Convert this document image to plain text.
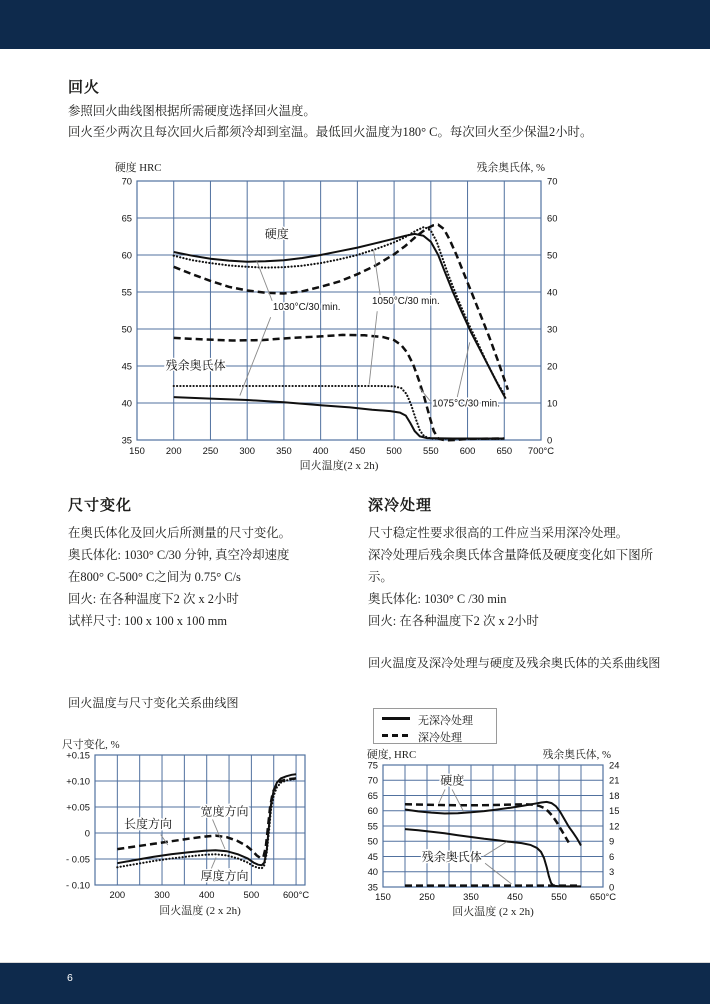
回火
参照回火曲线图根据所需硬度选择回火温度。
回火至少两次且每次回火后都须冷却到室温。最低回火温度为180° C。每次回火至少保温2小时。
150 200 250 300 350 400 450 500 550 600 650 700°C
70
65
60
55
50
45
40
35
70
60
50
40
30
20
10
0
硬度 HRC	残余奥氏体, %
回火温度(2 x 2h)
硬度
残余奥氏体
1030°C/30 min.
1050°C/30 min.
1075°C/30 min.
尺寸变化

在奥氏体化及回火后所测量的尺寸变化。

奥氏体化: 1030° C/30 分钟, 真空冷却速度

在800° C-500° C之间为 0.75° C/s

回火: 在各种温度下2 次 x 2小时

试样尺寸: 100 x 100 x 100 mm

深冷处理

尺寸稳定性要求很高的工件应当采用深冷处理。

深冷处理后残余奥氏体含量降低及硬度变化如下图所示。

奥氏体化: 1030° C /30 min

回火: 在各种温度下2 次 x 2小时

回火温度及深冷处理与硬度及残余奥氏体的关系曲线图
回火温度与尺寸变化关系曲线图
无深冷处理
深冷处理
200	300	400	500	600°C
+0.15
+0.10
+0.05
0
- 0.05
- 0.10
尺寸变化, %
回火温度 (2 x 2h)
长度方向
宽度方向
厚度方向
150	250	350	450	550 650°C
75
70
65
60
55
50
45
40
35
24
21
18
15
12
9
6
3
0
硬度, HRC	残余奥氏体, %
回火温度 (2 x 2h)
硬度
残余奥氏体
6
